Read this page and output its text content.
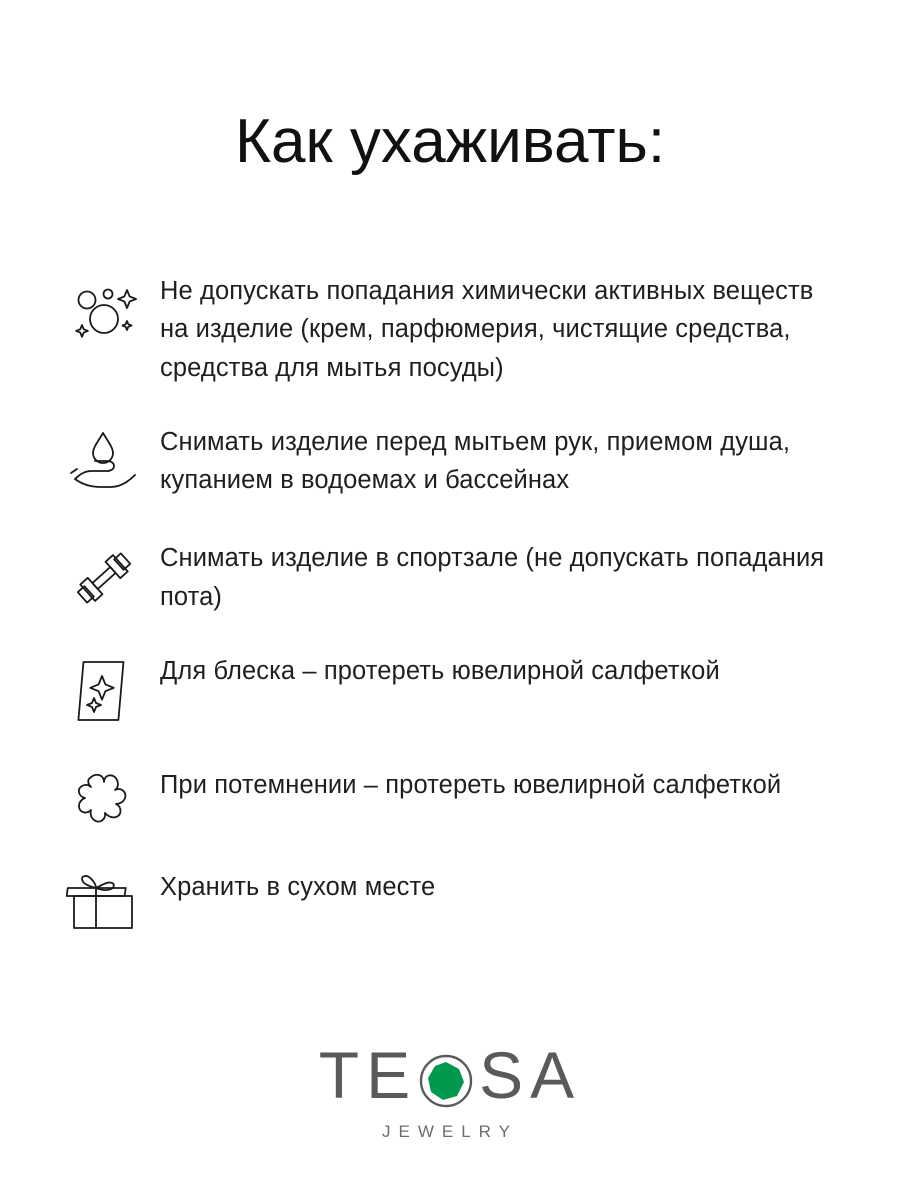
Как ухаживать:
Не допускать попадания химически активных веществ на изделие (крем, парфюмерия, чистящие средства, средства для мытья посуды)
Снимать изделие перед мытьем рук, приемом душа, купанием в водоемах и бассейнах
Снимать изделие в спортзале (не допускать попадания пота)
Для блеска – протереть ювелирной салфеткой
При потемнении – протереть ювелирной салфеткой
Хранить в сухом месте
TE SA
JEWELRY
